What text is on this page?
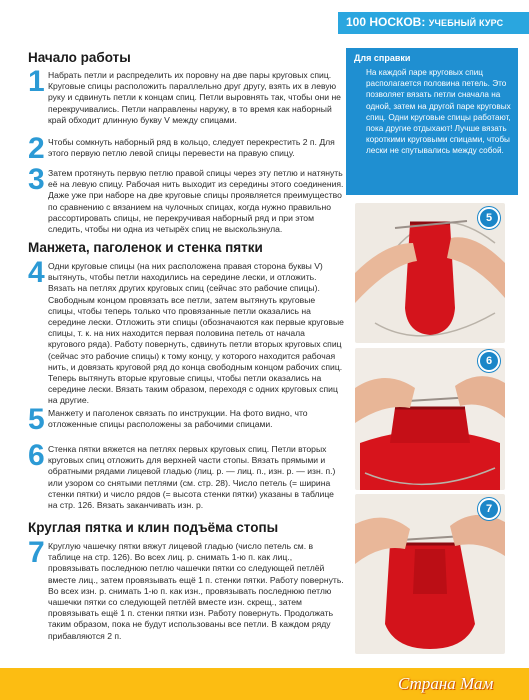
100 НОСКОВ: УЧЕБНЫЙ КУРС
Начало работы
1 Набрать петли и распределить их поровну на две пары круговых спиц. Круговые спицы расположить параллельно друг другу, взять их в левую руку и сдвинуть петли к концам спиц. Петли выровнять так, чтобы они не перекручивались. Петли направлены наружу, в то время как наборный край обходит длинную букву V между спицами.
2 Чтобы сомкнуть наборный ряд в кольцо, следует перекрестить 2 п. Для этого первую петлю левой спицы перевести на правую спицу.
3 Затем протянуть первую петлю правой спицы через эту петлю и натянуть её на левую спицу. Рабочая нить выходит из середины этого соединения. Даже уже при наборе на две круговые спицы проявляется преимущество по сравнению с вязанием на чулочных спицах, когда нужно правильно рассортировать спицы, не перекручивая наборный ряд и при этом следить, чтобы ни одна из четырёх спиц не выскользнула.
Манжета, паголенок и стенка пятки
4 Одни круговые спицы (на них расположена правая сторона буквы V) вытянуть, чтобы петли находились на середине лески, и отложить. Вязать на петлях других круговых спиц (сейчас это рабочие спицы). Свободным концом провязать все петли, затем вытянуть круговые спицы, чтобы теперь только что провязанные петли оказались на середине лески. Отложить эти спицы (обозначаются как первые круговые спицы, т. к. на них находится первая половина петель от начала кругового ряда). Работу повернуть, сдвинуть петли вторых круговых спиц (сейчас это рабочие спицы) к тому концу, у которого находится рабочая нить, и довязать круговой ряд до конца свободным концом рабочих спиц. Теперь вытянуть вторые круговые спицы, чтобы петли оказались на середине лески. Вязать таким образом, переходя с одних круговых спиц на другие.
5 Манжету и паголенок связать по инструкции. На фото видно, что отложенные спицы расположены за рабочими спицами.
6 Стенка пятки вяжется на петлях первых круговых спиц. Петли вторых круговых спиц отложить для верхней части стопы. Вязать прямыми и обратными рядами лицевой гладью (лиц. р. — лиц. п., изн. р. — изн. п.) или узором со снятыми петлями (см. стр. 28). Число петель (= ширина стенки пятки) и число рядов (= высота стенки пятки) указаны в таблице на стр. 126. Вязать заканчивать изн. р.
Круглая пятка и клин подъёма стопы
7 Круглую чашечку пятки вяжут лицевой гладью (число петель см. в таблице на стр. 126). Во всех лиц. р. снимать 1-ю п. как лиц., провязывать последнюю петлю чашечки пятки со следующей петлёй вместе лиц., затем провязывать ещё 1 п. стенки пятки. Работу повернуть. Во всех изн. р. снимать 1-ю п. как изн., провязывать последнюю петлю чашечки пятки со следующей петлёй вместе изн. скрещ., затем провязывать ещё 1 п. стенки пятки изн. Работу повернуть. Продолжать таким образом, пока не будут использованы все петли. В каждом ряду прибавляются 2 п.
Для справки
На каждой паре круговых спиц располагается половина петель. Это позволяет вязать петли сначала на одной, затем на другой паре круговых спиц. Одни круговые спицы работают, пока другие отдыхают! Лучше вязать короткими круговыми спицами, чтобы лески не спутывались между собой.
5
6
7
Страна Мам
